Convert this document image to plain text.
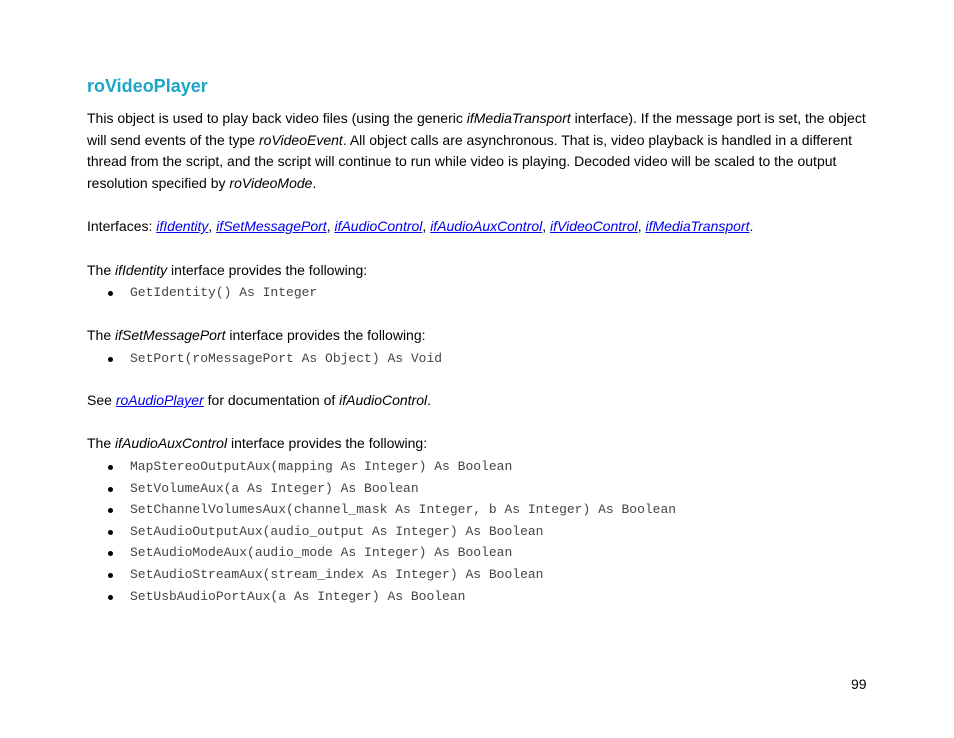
roVideoPlayer

This object is used to play back video files (using the generic ifMediaTransport interface). If the message port is set, the object will send events of the type roVideoEvent. All object calls are asynchronous. That is, video playback is handled in a different thread from the script, and the script will continue to run while video is playing. Decoded video will be scaled to the output resolution specified by roVideoMode.

Interfaces: ifIdentity, ifSetMessagePort, ifAudioControl, ifAudioAuxControl, ifVideoControl, ifMediaTransport.

The ifIdentity interface provides the following:

GetIdentity() As Integer

The ifSetMessagePort interface provides the following:

SetPort(roMessagePort As Object) As Void

See roAudioPlayer for documentation of ifAudioControl.

The ifAudioAuxControl interface provides the following:

MapStereoOutputAux(mapping As Integer) As Boolean
SetVolumeAux(a As Integer) As Boolean
SetChannelVolumesAux(channel_mask As Integer, b As Integer) As Boolean
SetAudioOutputAux(audio_output As Integer) As Boolean
SetAudioModeAux(audio_mode As Integer) As Boolean
SetAudioStreamAux(stream_index As Integer) As Boolean
SetUsbAudioPortAux(a As Integer) As Boolean
99
